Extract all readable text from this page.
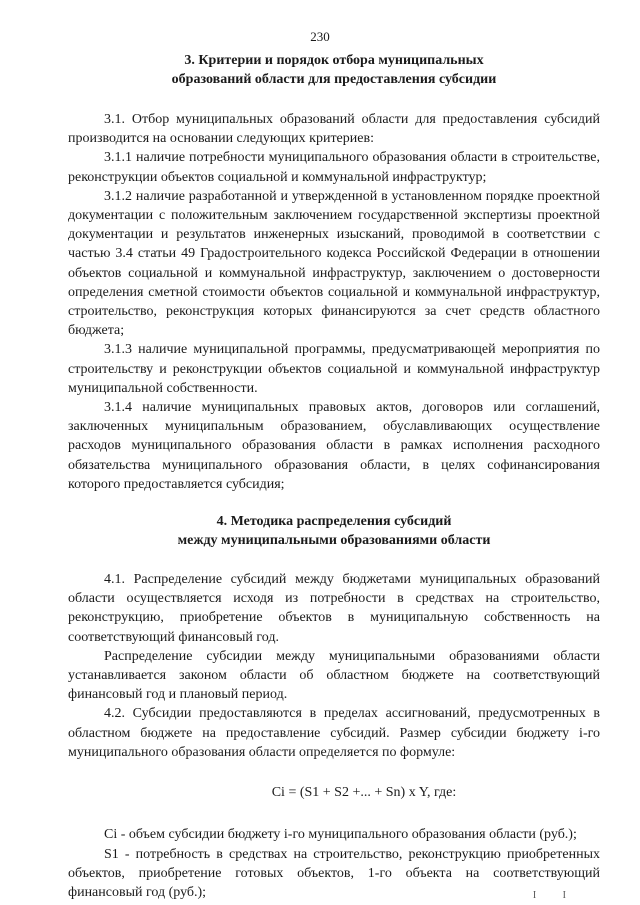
230
3. Критерии и порядок отбора муниципальных
образований области для предоставления субсидии

3.1. Отбор муниципальных образований области для предоставления субсидий производится на основании следующих критериев:

3.1.1 наличие потребности муниципального образования области в строительстве, реконструкции объектов социальной и коммунальной инфраструктур;

3.1.2 наличие разработанной и утвержденной в установленном порядке проектной документации с положительным заключением государственной экспертизы проектной документации и результатов инженерных изысканий, проводимой в соответствии с частью 3.4 статьи 49 Градостроительного кодекса Российской Федерации в отношении объектов социальной и коммунальной инфраструктур, заключением о достоверности определения сметной стоимости объектов социальной и коммунальной инфраструктур, строительство, реконструкция которых финансируются за счет средств областного бюджета;

3.1.3 наличие муниципальной программы, предусматривающей мероприятия по строительству и реконструкции объектов социальной и коммунальной инфраструктур муниципальной собственности.

3.1.4 наличие муниципальных правовых актов, договоров или соглашений, заключенных муниципальным образованием, обуславливающих осуществление расходов муниципального образования области в рамках исполнения расходного обязательства муниципального образования области, в целях софинансирования которого предоставляется субсидия;

4. Методика распределения субсидий
между муниципальными образованиями области

4.1. Распределение субсидий между бюджетами муниципальных образований области осуществляется исходя из потребности в средствах на строительство, реконструкцию, приобретение объектов в муниципальную собственность на соответствующий финансовый год.

Распределение субсидии между муниципальными образованиями области устанавливается законом области об областном бюджете на соответствующий финансовый год и плановый период.

4.2. Субсидии предоставляются в пределах ассигнований, предусмотренных в областном бюджете на предоставление субсидий. Размер субсидии бюджету i-го муниципального образования области определяется по формуле:

Ci = (S1 + S2 +... + Sn) x Y, где:

Ci - объем субсидии бюджету i-го муниципального образования области (руб.);

S1 - потребность в средствах на строительство, реконструкцию приобретенных объектов, приобретение готовых объектов, 1-го объекта на соответствующий финансовый год (руб.);	I I
